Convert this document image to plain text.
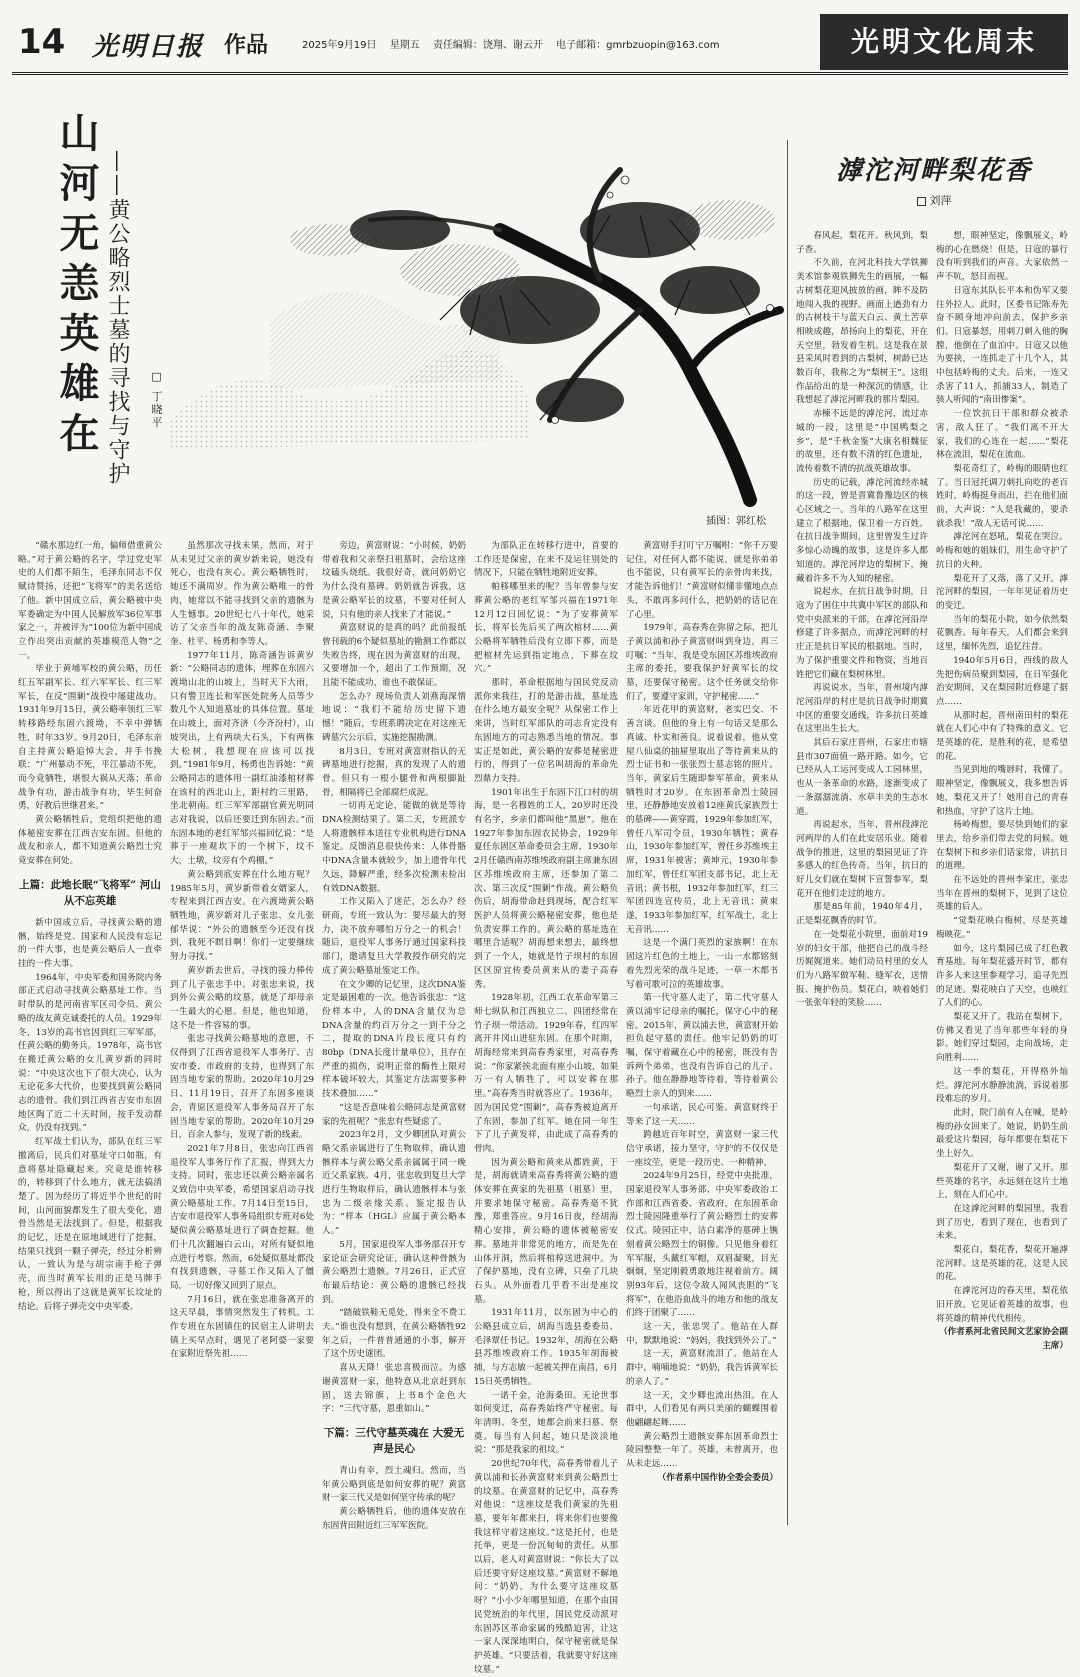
14 光明日报 作品	2025年9月19日 星期五 责任编辑：饶翔、谢云开 电子邮箱：gmrbzuopin@163.com	光明文化周末
山河无恙英雄在 ——黄公略烈士墓的寻找与守护 □ 丁晓平
插图：郭红松
滹沱河畔梨花香
刘萍

“赣水那边红一角，偏师借重黄公略。”对于黄公略的名字，学过党史军史的人们都不陌生，毛泽东同志不仅赋诗赞扬，还把“飞将军”的美名送给了他。新中国成立后，黄公略被中央军委确定为中国人民解放军36位军事家之一，并被评为“100位为新中国成立作出突出贡献的英雄模范人物”之一。

毕业于黄埔军校的黄公略，历任红五军副军长、红六军军长、红三军军长，在反“围剿”战役中屡建战功。1931年9月15日，黄公略率领红三军转移路经东固六渡坳，不幸中弹牺牲，时年33岁。9月20日，毛泽东亲自主持黄公略追悼大会，并手书挽联：“广州暴动不死，平江暴动不死，而今竟牺牲，堪恨大祸从天落；革命战争有功，游击战争有功，毕生何奋勇，好教后世继君来。”

黄公略牺牲后，党组织把他的遗体秘密安葬在江西吉安东固。但他的战友和亲人，都不知道黄公略烈士究竟安葬在何处。

上篇：此地长眠“飞将军” 河山从不忘英雄

新中国成立后，寻找黄公略的遗骸，始终是党、国家和人民没有忘记的一件大事，也是黄公略后人一直牵挂的一件大事。

1964年，中央军委和国务院内务部正式启动寻找黄公略墓址工作。当时带队的是河南省军区司令员、黄公略的战友黄克诚委托的人员。1929年冬，13岁的高书官因到红三军军部，任黄公略的勤务兵。1978年，高书官在搬迁黄公略的女儿黄岁新的同时说：“中央这次也下了很大决心，认为无论花多大代价，也要找到黄公略同志的遗骨。我们到江西省吉安市东固地区陶了近二十天时间，按手发动群众，仍没有找到。”

红军战士们认为，部队在红三军撤离后，民兵们对墓址守口如瓶，有意将墓址隐藏起来。究竟是谁转移的，转移到了什么地方，就无法搞清楚了。因为经历了将近半个世纪的时间，山河面貌都发生了很大变化，遗骨当然是无法找到了。但是，根据我的记忆，还是在原地域进行了挖掘，结果只找到一颗子弹壳，经过分析辨认，一致认为是与胡宗南手枪子弹壳，而当时黄军长用的正是马牌手枪，所以得出了这就是黄军长坟址的结论。后将子弹壳交中央军委。

虽然那次寻找未果，然而，对于从未见过父亲的黄岁新来说，她没有死心，也没有灰心。黄公略牺牲时，她还不满周岁。作为黄公略唯一的骨肉，她常以不能寻找到父亲的遗骸为人生憾事。20世纪七八十年代，她采访了父亲当年的战友陈奇涵、李聚奎、杜平、杨勇和李等人。

1977年11月，陈奇涵告诉黄岁新：“公略同志的遗体，埋葬在东固六渡坳山北的山坡上，当时天下大雨，只有警卫连长和军医处院务人员等少数几个人知道墓址的具体位置。墓址在山坡上，面对齐济（今齐汾村），山坡突出，上有两块大石头，下有两株大松树，我想现在应该可以找到。”1981年9月，杨勇也告诉她：“黄公略同志的遗体用一副红油漆棺材葬在该村的西北山上，距村约三里路，坐北朝南。红三军军部副官黄光明同志对我说，以后还要迁到东固去。”而东固本地的老红军邹兴福回忆说：“是葬于一座观坎下的一个树下，坟不大，土墩，坟旁有个鸡棚。”

黄公略到底安葬在什么地方呢？1985年5月，黄岁新带着女婿家人，专程来到江西吉安。在六渡坳黄公略牺牲地，黄岁新对儿子张忠、女儿张郁华说：“外公的遗骸至今还没有找到，我死不瞑目啊！你们一定要继续努力寻找。”

黄岁新去世后，寻找的接力棒传到了儿子张忠手中。对张忠来说，找到外公黄公略的坟墓，就是了却母亲一生最大的心愿。但是，他也知道，这不是一件容易的事。

张忠寻找黄公略墓地的意愿，不仅得到了江西省退役军人事务厅、吉安市委、市政府的支持，也得到了东固当地专家的帮助。2020年10月29日、11月19日，召开了东固多座谈会，青原区退役军人事务局召开了东固当地专家的帮助。2020年10月29日，百余人参与，发现了新的线索。

2021年7月8日，张忠向江西省退役军人事务厅作了汇报，得到大力支持。同时，张忠还以黄公略亲属名义致信中央军委，希望国家启动寻找黄公略墓址工作。7月14日至15日，吉安市退役军人事务局组织专班对6处疑似黄公略墓址进行了调查挖掘。他们十几次翻遍白云山，对所有疑似地点进行考察。然而，6处疑似墓址都没有找到遗骸，寻墓工作又陷入了僵局，一切好像又回到了原点。

7月16日，就在张忠准备离开的这天早晨，事情突然发生了转机。工作专班在东固镇住的民宿主人讲明去镇上买早点时，遇见了老阿婆一家要在家附近祭先祖……

旁边，黄富财说：“小时候，奶奶带着我和父亲祭扫祖墓时，会给这座坟磕头烧纸。我很好奇，就问奶奶它为什么没有墓碑。奶奶就告诉我，这是黄公略军长的坟墓，不要对任何人说，只有他的亲人找来了才能说。”

黄富财说的是真的吗？此前报纸曾刊载的6个疑似墓址的勘测工作都以失败告终，现在因为黄富财的出现，又要增加一个，超出了工作预期，况且能不能成功，谁也不敢保证。

怎么办？现场负责人刘燕海深情地说：“我们不能给历史留下遗憾！”随后，专班系聘决定在对这座无碑墓穴公示后，实施挖掘勘测。

8月3日，专班对黄富财指认的无碑墓地进行挖掘，真的发现了人的遗骨。但只有一根小腿骨和两根脚趾骨，相隔将已全部腐烂成泥。

一切再无定论，能做的就是等待DNA检测结果了。第二天，专班派专人将遗骸样本送往专业机构进行DNA鉴定。反馈消息很快传来：人体骨骼中DNA含量本就较少，加上遗骨年代久远，降解严重，经多次检测未检出有效DNA数据。

工作又陷入了迷茫，怎么办？经研商，专班一致认为：要尽最大的努力，决不放弃哪怕万分之一的机会！随后，退役军人事务厅通过国家科技部门，邀请复旦大学教授作研究的完成了黄公略墓址鉴定工作。

在文少卿的记忆里，这次DNA鉴定是最困难的一次。他告诉张忠：“这份样本中，人的DNA含量仅为总DNA含量的约百万分之一到千分之二，提取的DNA片段长度只有约80bp（DNA长度计量单位），且存在严重的损伤，说明正常的酶性上限对样本破坏较大，其鉴定方法需要多种技术叠加……”

“这是否意味着公略同志是黄富财家的先祖呢？”张忠有些疑虑了。

2023年2月，文少卿团队对黄公略父系亲属进行了生物取样，确认遗骸样本与黄公略父系亲属属于同一晚近父系家族。4月，张忠收到复旦大学进行生物取样后，确认遗骸样本与张忠为二级亲缘关系。鉴定报告认为：“样本（HGL）应属于黄公略本人。”

5月，国家退役军人事务部召开专家论证会研究论证，确认这种骨骸为黄公略烈士遗骸。7月26日，正式宣布最后结论：黄公略的遗骸已经找到。

“踏破铁鞋无觅处，得来全不费工夫。”谁也没有想到，在黄公略牺牲92年之后，一件普普通通的小事，解开了这个历史谜团。

喜从天降！张忠喜极而泣。为感谢黄富财一家，他特意从北京赶到东固，送去锦旗，上书8个金色大字：“三代守墓，恩重如山。”

下篇：三代守墓英魂在 大爱无声是民心

青山有幸，烈土魂归。然而，当年黄公略到底是如何安葬的呢？黄富财一家三代又是如何坚守传承的呢？

黄公略牺牲后，他的遗体安放在东固背田附近红三军军医院。

为部队正在转移行进中，首要的工作还是保密，在来不及运往别处的情况下，只能在牺牲地附近安葬。

帕移哪里来的呢？当年曾参与安葬黄公略的老红军邹兴福在1971年12月12日回忆说：“为了安葬黄军长，将军长先后买了两次棺材……黄公略将军牺牲后没有立即下葬，而是把棺材先运到指定地点，下葬在坟穴。”

那时，革命根据地与国民党反动派你来我往，打的是游击战，墓址选在什么地方最安全呢？从保密工作上来讲，当时红军部队的司志肯定没有东固地方的司志熟悉当地的情况。事实正是如此，黄公略的安葬是秘密进行的，得到了一位名叫胡海的革命先烈鼎力支持。

1901年出生于东固下江口村的胡海，是一名穆姓的工人，20岁时还没有名字，乡亲们都叫他“黑崽”。他在1927年参加东固农民协会，1929年夏任东固区革命委员会主席，1930年2月任赣西南苏维埃政府副主席兼东固区苏维埃政府主席，还参加了第二次、第三次反“围剿”作战。黄公略负伤后，胡海带命赶到现场，配合红军医护人员将黄公略秘密安葬，他也是负责安葬工作的。黄公略的墓址选在哪里合适呢？胡海想来想去，最终想到了一个人，她就是竹子坝村的东固区区原宜传委员黄来从的妻子高春秀。

1928年初，江西工农革命军第三师七纵队和江西独立二、四团经常在竹子坝一带活动。1929年春，红四军离开井冈山进驻东固。在那个时期，胡海经常来到高春秀家里，对高春秀说：“你家紧挨北面有座小山坡，如果万一有人牺牲了，可以安葬在那里。”高春秀当时就答应了。1936年，因为国民党“围剿”，高春秀被迫离开了东固，参加了红军。她在同一年生下了儿子黄发祥，由此成了高春秀的骨肉。

因为黄公略和黄来从都姓黄，于是，胡海就请来高春秀将黄公略的遗体安葬在黄家的先祖墓（祖墓）里，并要求她保守秘密。高春秀毫不犹豫，郑重答应。9月16日夜，经胡海精心安排，黄公略的遗体被秘密安葬。墓地并非常见的地方，而是先在山体开洞，然后将棺椁送进洞中。为了保护墓地，没有立碑，只垒了几块石头。从外面看几乎看不出是座坟墓。

1931年11月，以东固为中心的公略县成立后，胡海当选县委委员、毛泽覃任书记。1932年，胡海在公略县苏维埃政府工作。1935年胡海被捕，与方志敏一起被关押在南昌，6月15日英勇牺牲。

一诺千金，沧海桑田。无论世事如何变迁，高春秀始终严守秘密。每年清明、冬至，她都会前来扫墓、祭奠。每当有人问起，她只是淡淡地说：“那是我家的祖坟。”

20世纪70年代，高春秀带着儿子黄以浦和长孙黄富财来到黄公略烈士的坟墓。在黄富财的记忆中，高春秀对他说：“这座坟是我们黄家的先祖墓，要年年都来扫，将来你们也要像我这样守着这座坟。”这是托付，也是托举，更是一份沉甸甸的责任。从那以后，老人对黄富财说：“你长大了以后还要守好这座坟墓。”黄富财不解地问：“奶奶，为什么要守这座坟墓呀？”小小少年哪里知道，在那个由国民党统治的年代里，国民党反动派对东固苏区革命家属的残酷迫害，让这一家人深深地明白，保守秘密就是保护英雄。“只要活着，我就要守好这座坟墓。”

黄富财手打叮宁万嘱咐：“你千万要记住，对任何人都不能说，就是你弟弟也不能说，只有黄军长的亲骨肉来找，才能告诉他们！”黄富财似懂非懂地点点头，不敢再多问什么，把奶奶的话记在了心里。

1979年，高春秀在弥留之际，把儿子黄以浦和孙子黄富财叫到身边，再三叮嘱：“当年，我是受东固区苏维埃政府主席的委托，要我保护好黄军长的坟墓，还要保守秘密。这个任务就交给你们了，要遵守家训，守护秘密……”

年近花甲的黄富财，老实巴交、不善言谈。但他的身上有一句话又是那么真诚、朴实和善良。说着说着，他从堂屋八仙桌的抽屉里取出了等待黄来从的烈士证书和一张张烈士墓志铭的照片。当年，黄家后生随即参军革命，黄来从牺牲时才20岁。在东固革命烈士陵园里，还静静地安放着12座黄氏家族烈士的墓碑——黄穿霞，1929年参加红军，曾任八军司令员，1930年牺牲；黄春山，1930年参加红军，曾任乡苏维埃主席，1931年被害；黄坤元，1930年参加红军，曾任红军团支部书记，北上无音讯；黄书根，1932年参加红军，红三军团四连宣传员，北上无音讯；黄束遂，1933年参加红军，红军战士，北上无音讯……

这是一个满门英烈的家族啊！在东固这片红色的土地上，一山一水都铭刻着先烈光荣的战斗足迹，一草一木都书写着可歌可泣的英雄故事。

第一代守墓人走了，第二代守墓人黄以浦牢记母亲的嘱托，保守心中的秘密。2015年，黄以浦去世，黄富财开始担负起守墓的责任。他牢记奶奶的叮嘱，保守着藏在心中的秘密，既没有告诉两个弟弟，也没有告诉自己的儿子、孙子。他在静静地等待着，等待着黄公略烈士亲人的到来……

一句承诺，民心可鉴。黄富财终于等来了这一天……

跨越近百年时空，黄富财一家三代信守承诺，接力坚守，守护的不仅仅是一座坟茔，更是一段历史、一种精神。

2024年9月25日，经党中央批准，国家退役军人事务部、中央军委政治工作部和江西省委、省政府，在东固革命烈士陵园隆重举行了黄公略烈士的安葬仪式。陵园正中，洁白素净的墓碑上镌刻着黄公略烈士的铜像。只见他身着红军军服，头戴红军帽，双眉凝聚，目光炯炯，坚定刚毅勇敢地注视着前方。阔别93年后，这位令敌人闻风丧胆的“飞将军”，在他浴血战斗的地方和他的战友们终于团聚了……

这一天，张忠哭了。他站在人群中，默默地说：“妈妈，我找到外公了。”

这一天，黄富财流泪了。他站在人群中，喃喃地说：“奶奶，我告诉黄军长的亲人了。”

这一天，文少卿也流出热泪。在人群中，人们看见有两只美丽的蝴蝶围着他翩翩起舞……

黄公略烈士遗骸安葬东固革命烈士陵园整整一年了。英雄，未曾离开，也从未走远……

（作者系中国作协全委会委员）

春风起，梨花开。秋风到，梨子香。

不久前，在河北科技大学铁狮美术馆参观铁狮先生的画展，一幅古树梨花迎风披放的画，眸不及防地闯入我的视野。画面上遒劲有力的古树枝干与蓝天白云、黄土苦草相映成趣，昂扬向上的梨花，开在天空里，勃发着生机。这是我在景县采风时看到的古梨树，树龄已达数百年，我称之为“梨树王”。这组作品给出的是一种深沉的情感，让我想起了滹沱河畔我的那片梨园。

赤楝不远是的滹沱河，流过赤城的一段，这里是“中国鸭梨之乡”，是“千秋金鉴”大康名相魏征的故里，还有数不清的红色遗址，流传着数不清的抗战英雄故事。

历史的记载，滹沱河流经赤城的这一段，曾是晋冀鲁豫边区的核心区域之一。当年的八路军在这里建立了根据地，保卫着一方百姓。在抗日战争期间，这里曾发生过许多惊心动魄的故事，这是许多人都知道的。滹沱河岸边的梨树下，掩藏着许多不为人知的秘密。

说起水，在抗日战争时期，日寇为了困住中共冀中军区的部队和党中央派来的干部，在滹沱河沿岸修建了许多据点，而滹沱河畔的村庄正是抗日军民的根据地。当时，为了保护重要文件和物资，当地百姓把它们藏在梨树林里。

再说说水，当年，晋州境内滹沱河沿岸的村庄是抗日战争时期冀中区的重要交通线，许多抗日英雄在这里出生长大。

其后石家庄晋州，石家庄市辖县市307面值一路开路。如今，它已经从人工运河变成人工园林里，也从一条革命的水路，逐渐变成了一条潺潺流淌、水草丰美的生态水道。

再说起水，当年，晋州段滹沱河两岸的人们在此安居乐业。随着战争的推进，这里的梨园见证了许多感人的红色传奇。当年，抗日的好儿女们就在梨树下宣誓参军，梨花开在他们走过的地方。

那是85年前，1940年4月，正是梨花飘香的时节。

在一处梨花小院里，面前对19岁的妇女干部，他把自己的战斗经历娓娓道来。她们动员村里的女人们为八路军做军鞋、缝军衣，送情报、掩护伤员。梨花白，映着她们一张张年轻的笑脸……

想，眼神坚定，像飘展义，岭梅的心在燃烧！但是，日寇的暴行没有听到我们的声音。大家依然一声不吭，怒目而视。

日寇东其队长平本和伪军又要往外拉人。此时，区委书记陈寿先奋不顾身地冲向前去，保护乡亲们。日寇暴怒，用刺刀刺入他的胸膛，他倒在了血泊中。日寇又以他为要挟，一连抓走了十几个人，其中包括岭梅的丈夫。后来，一连又杀害了11人，抓捕33人，制造了骇人听闻的“南田惨案”。

一位饮抗日干部和群众被杀害，敌人狂了。“我们离不开大家，我们的心连在一起……”梨花林在流泪，梨花在流血。

梨花奇红了，岭梅的眼睛也红了。当日冠托调刀刺扎向吃的老百姓时，岭梅挺身而出，拦在他们面前，大声说：“人是我藏的，要杀就杀我！”敌人无话可说……

滹沱河在怒吼，梨花在哭泣。岭梅和她的姐妹们，用生命守护了抗日的火种。

梨花开了又落，落了又开。滹沱河畔的梨园，一年年见证着历史的变迁。

当年的梨花小院，如今依然梨花飘香。每年春天，人们都会来到这里，缅怀先烈，追忆往昔。

1940年5月6日，西线的敌人先把伤病员聚到梨园，在日军强化治安期间，又在梨园附近修建了据点……

从那时起，晋州南田村的梨花就在人们心中有了特殊的意义。它是英雄的花，是胜利的花，是希望的花。

当见到地的嘴唇时，我懂了。眼神坚定，像飘展义，我多想告诉她，梨花又开了！她用自己的青春和热血，守护了这片土地。

杨岭梅想，要尽快到她们的家里去，给乡亲们带去党的问候。她在梨树下和乡亲们话家常，讲抗日的道理。

在不远处的晋州李家庄，张忠当年在晋州的梨树下，见到了这位英雄的后人。

“觉梨花映白梅树，尽是英雄梅映花。”

如今，这片梨园已成了红色教育基地。每年梨花盛开时节，都有许多人来这里参观学习，追寻先烈的足迹。梨花映白了天空，也映红了人们的心。

梨花又开了。我站在梨树下，仿佛又看见了当年那些年轻的身影。她们穿过梨园，走向战场，走向胜利……

这一季的梨花，开得格外灿烂。滹沱河水静静流淌，诉说着那段难忘的岁月。

此时，院门前有人在喊，是岭梅的孙女回来了。她说，奶奶生前最爱这片梨园，每年都要在梨花下坐上好久。

梨花开了又谢，谢了又开。那些英雄的名字，永远刻在这片土地上，刻在人们心中。

在这滹沱河畔的梨园里，我看到了历史，看到了现在，也看到了未来。

梨花白，梨花香，梨花开遍滹沱河畔。这是英雄的花，这是人民的花。

在滹沱河边的春天里，梨花依旧开放。它见证着英雄的故事，也将英雄的精神代代相传。

（作者系河北省民间文艺家协会副主席）
